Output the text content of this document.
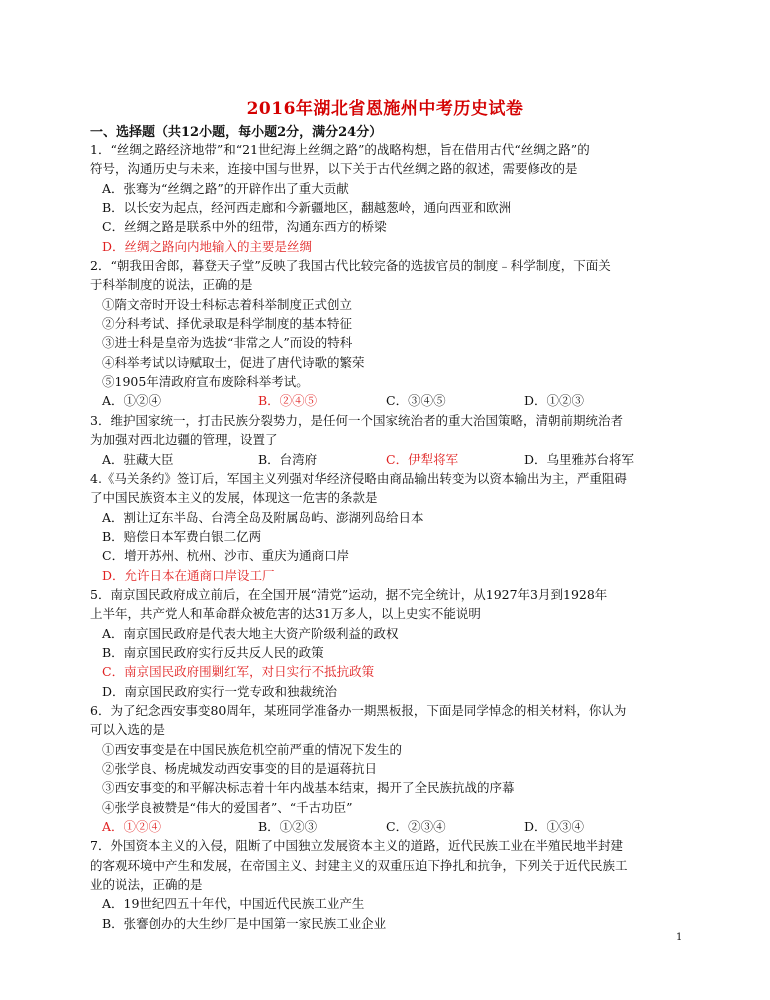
2016年湖北省恩施州中考历史试卷
一、选择题（共12小题，每小题2分，满分24分）
1．“丝绸之路经济地带”和“21世纪海上丝绸之路”的战略构想，旨在借用古代“丝绸之路”的
符号，沟通历史与未来，连接中国与世界，以下关于古代丝绸之路的叙述，需要修改的是
A．张骞为“丝绸之路”的开辟作出了重大贡献
B．以长安为起点，经河西走廊和今新疆地区，翻越葱岭，通向西亚和欧洲
C．丝绸之路是联系中外的纽带，沟通东西方的桥梁
D．丝绸之路向内地输入的主要是丝绸
2．“朝我田舍郎，暮登天子堂”反映了我国古代比较完备的选拔官员的制度﹣科学制度，下面关
于科举制度的说法，正确的是
①隋文帝时开设士科标志着科举制度正式创立
②分科考试、择优录取是科学制度的基本特征
③进士科是皇帝为选拔“非常之人”而设的特科
④科举考试以诗赋取士，促进了唐代诗歌的繁荣
⑤1905年清政府宣布废除科举考试。
A．①②④	B．②④⑤	C．③④⑤	D．①②③
3．维护国家统一，打击民族分裂势力，是任何一个国家统治者的重大治国策略，清朝前期统治者
为加强对西北边疆的管理，设置了
A．驻藏大臣	B．台湾府	C．伊犁将军	D．乌里雅苏台将军
4.《马关条约》签订后，军国主义列强对华经济侵略由商品输出转变为以资本输出为主，严重阻碍
了中国民族资本主义的发展，体现这一危害的条款是
A．割让辽东半岛、台湾全岛及附属岛屿、澎湖列岛给日本
B．赔偿日本军费白银二亿两
C．增开苏州、杭州、沙市、重庆为通商口岸
D．允许日本在通商口岸设工厂
5．南京国民政府成立前后，在全国开展“清党”运动，据不完全统计，从1927年3月到1928年
上半年，共产党人和革命群众被危害的达31万多人，以上史实不能说明
A．南京国民政府是代表大地主大资产阶级利益的政权
B．南京国民政府实行反共反人民的政策
C．南京国民政府围剿红军，对日实行不抵抗政策
D．南京国民政府实行一党专政和独裁统治
6．为了纪念西安事变80周年，某班同学准备办一期黑板报，下面是同学悼念的相关材料，你认为
可以入选的是
①西安事变是在中国民族危机空前严重的情况下发生的
②张学良、杨虎城发动西安事变的目的是逼蒋抗日
③西安事变的和平解决标志着十年内战基本结束，揭开了全民族抗战的序幕
④张学良被赞是“伟大的爱国者”、“千古功臣”
A．①②④	B．①②③	C．②③④	D．①③④
7．外国资本主义的入侵，阻断了中国独立发展资本主义的道路，近代民族工业在半殖民地半封建
的客观环境中产生和发展，在帝国主义、封建主义的双重压迫下挣扎和抗争，下列关于近代民族工
业的说法，正确的是
A．19世纪四五十年代，中国近代民族工业产生
B．张謇创办的大生纱厂是中国第一家民族工业企业
1
